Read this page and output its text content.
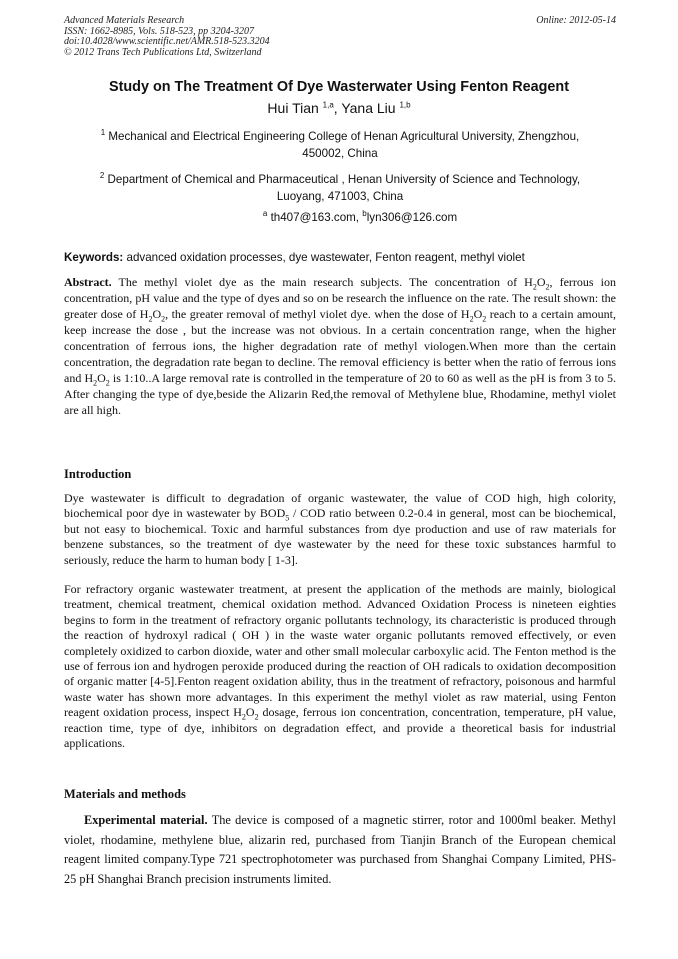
Advanced Materials Research
ISSN: 1662-8985, Vols. 518-523, pp 3204-3207
doi:10.4028/www.scientific.net/AMR.518-523.3204
© 2012 Trans Tech Publications Ltd, Switzerland
Online: 2012-05-14
Study on The Treatment Of Dye Wasterwater Using Fenton Reagent
Hui Tian $^{1,a}$, Yana Liu $^{1,b}$
$^1$ Mechanical and Electrical Engineering College of Henan Agricultural University, Zhengzhou,
450002, China
$^2$ Department of Chemical and Pharmaceutical , Henan University of Science and Technology,
Luoyang, 471003, China
$^a$ th407@163.com, $^b$lyn306@126.com
Keywords: advanced oxidation processes, dye wastewater, Fenton reagent, methyl violet
Abstract. The methyl violet dye as the main research subjects. The concentration of $H_2O_2$, ferrous ion concentration, pH value and the type of dyes and so on be research the influence on the rate. The result shown: the greater dose of $H_2O_2$, the greater removal of methyl violet dye. when the dose of $H_2O_2$ reach to a certain amount, keep increase the dose , but the increase was not obvious. In a certain concentration range, when the higher concentration of ferrous ions, the higher degradation rate of methyl viologen.When more than the certain concentration, the degradation rate began to decline. The removal efficiency is better when the ratio of ferrous ions and $H_2O_2$ is 1:10..A large removal rate is controlled in the temperature of 20 to 60 as well as the pH is from 3 to 5. After changing the type of dye,beside the Alizarin Red,the removal of Methylene blue, Rhodamine, methyl violet are all high.
Introduction
Dye wastewater is difficult to degradation of organic wastewater, the value of COD high, high colority, biochemical poor dye in wastewater by $BOD_5$ / COD ratio between 0.2-0.4 in general, most can be biochemical, but not easy to biochemical. Toxic and harmful substances from dye production and use of raw materials for benzene substances, so the treatment of dye wastewater by the need for these toxic substances harmful to seriously, reduce the harm to human body [ 1-3].
For refractory organic wastewater treatment, at present the application of the methods are mainly, biological treatment, chemical treatment, chemical oxidation method. Advanced Oxidation Process is nineteen eighties begins to form in the treatment of refractory organic pollutants technology, its characteristic is produced through the reaction of hydroxyl radical ( OH ) in the waste water organic pollutants removed effectively, or even completely oxidized to carbon dioxide, water and other small molecular carboxylic acid. The Fenton method is the use of ferrous ion and hydrogen peroxide produced during the reaction of OH radicals to oxidation decomposition of organic matter [4-5].Fenton reagent oxidation ability, thus in the treatment of refractory, poisonous and harmful waste water has shown more advantages. In this experiment the methyl violet as raw material, using Fenton reagent oxidation process, inspect $H_2O_2$ dosage, ferrous ion concentration, concentration, temperature, pH value, reaction time, type of dye, inhibitors on degradation effect, and provide a theoretical basis for industrial applications.
Materials and methods
Experimental material. The device is composed of a magnetic stirrer, rotor and 1000ml beaker. Methyl violet, rhodamine, methylene blue, alizarin red, purchased from Tianjin Branch of the European chemical reagent limited company.Type 721 spectrophotometer was purchased from Shanghai Company Limited, PHS-25 pH Shanghai Branch precision instruments limited.
